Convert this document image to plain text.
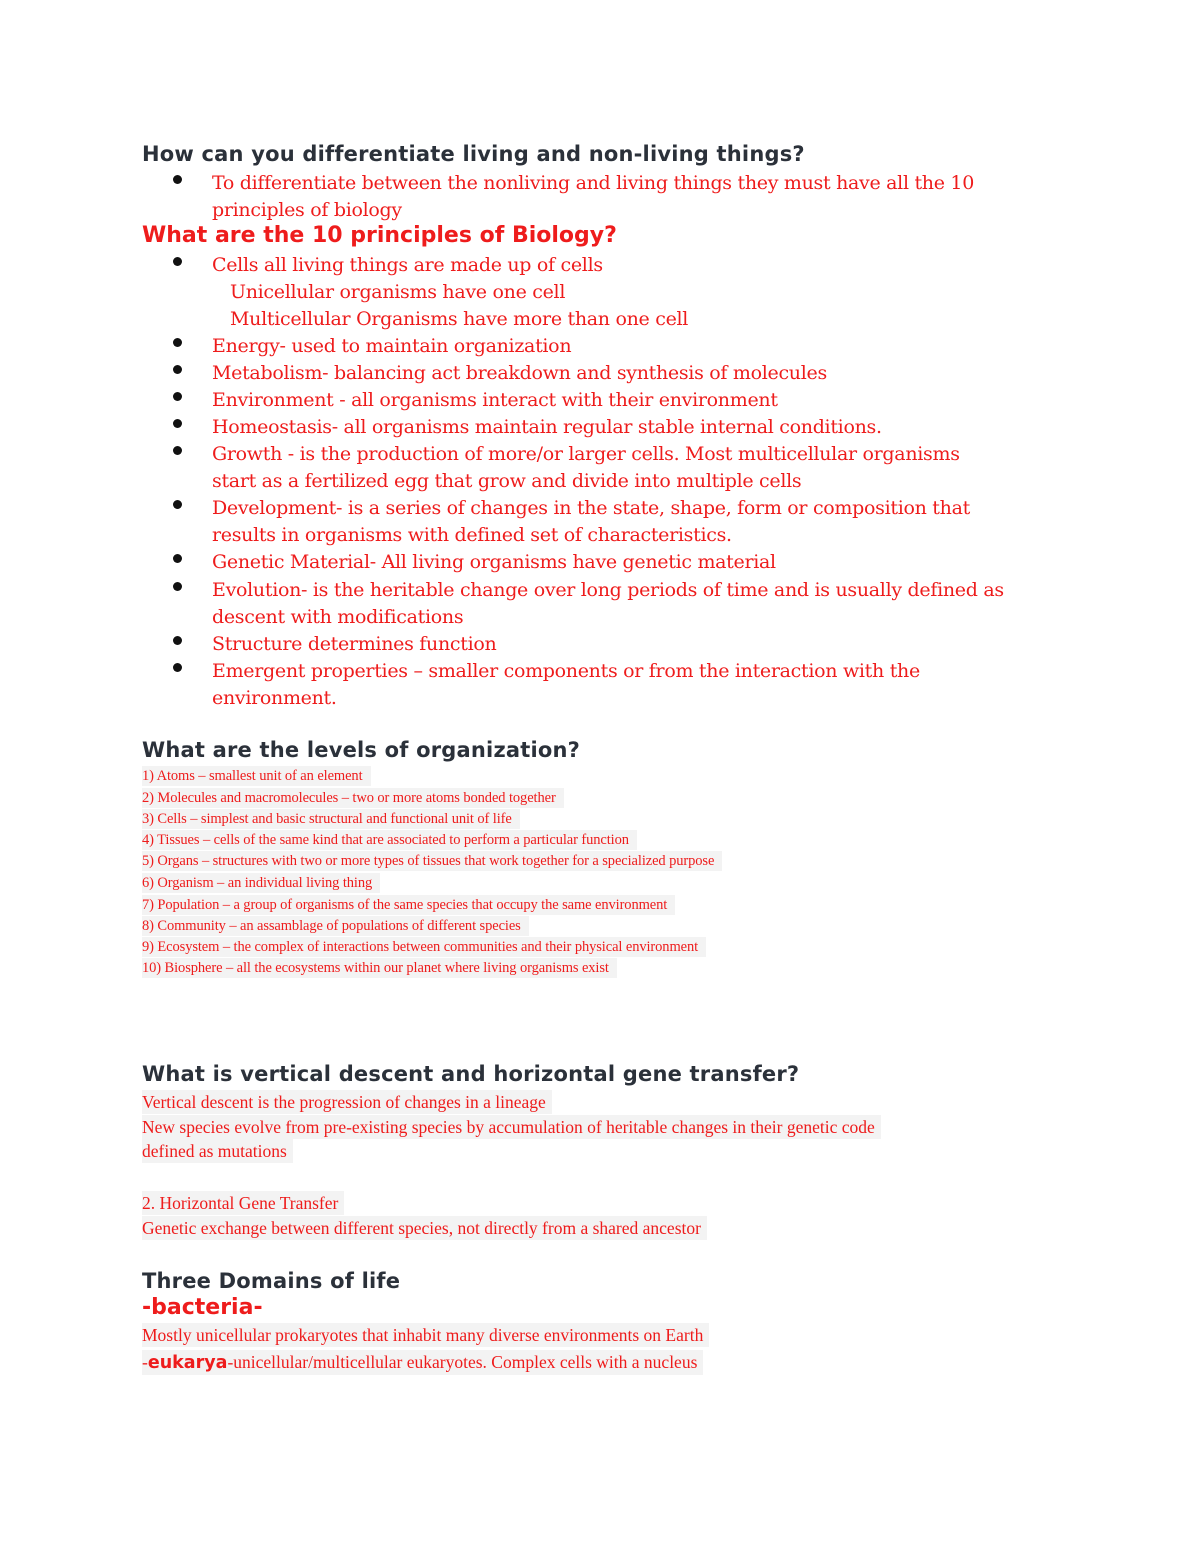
How can you differentiate living and non-living things?

To differentiate between the nonliving and living things they must have all the 10
principles of biology

What are the 10 principles of Biology?

Cells all living things are made up of cells

Unicellular organisms have one cell

Multicellular Organisms have more than one cell

Energy- used to maintain organization

Metabolism- balancing act breakdown and synthesis of molecules

Environment - all organisms interact with their environment

Homeostasis- all organisms maintain regular stable internal conditions.

Growth - is the production of more/or larger cells. Most multicellular organisms
start as a fertilized egg that grow and divide into multiple cells

Development- is a series of changes in the state, shape, form or composition that
results in organisms with defined set of characteristics.

Genetic Material- All living organisms have genetic material

Evolution- is the heritable change over long periods of time and is usually defined as
descent with modifications

Structure determines function

Emergent properties – smaller components or from the interaction with the
environment.

What are the levels of organization?

1) Atoms – smallest unit of an element

2) Molecules and macromolecules – two or more atoms bonded together

3) Cells – simplest and basic structural and functional unit of life

4) Tissues – cells of the same kind that are associated to perform a particular function

5) Organs – structures with two or more types of tissues that work together for a specialized purpose

6) Organism – an individual living thing

7) Population – a group of organisms of the same species that occupy the same environment

8) Community – an assamblage of populations of different species

9) Ecosystem – the complex of interactions between communities and their physical environment

10) Biosphere – all the ecosystems within our planet where living organisms exist

What is vertical descent and horizontal gene transfer?

Vertical descent is the progression of changes in a lineage

New species evolve from pre-existing species by accumulation of heritable changes in their genetic code

defined as mutations

2. Horizontal Gene Transfer

Genetic exchange between different species, not directly from a shared ancestor

Three Domains of life

-bacteria-

Mostly unicellular prokaryotes that inhabit many diverse environments on Earth

-eukarya-unicellular/multicellular eukaryotes. Complex cells with a nucleus
